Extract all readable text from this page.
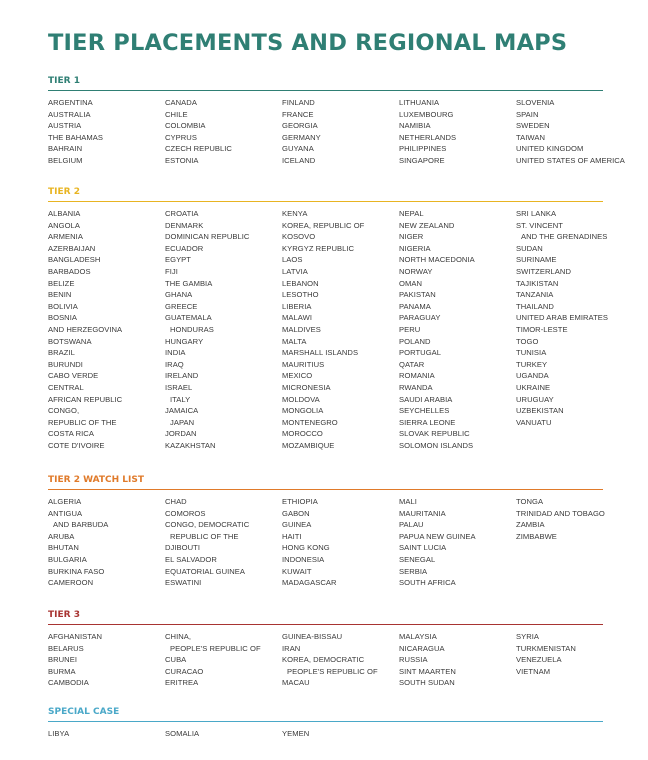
TIER PLACEMENTS AND REGIONAL MAPS
TIER 1
ARGENTINA
AUSTRALIA
AUSTRIA
THE BAHAMAS
BAHRAIN
BELGIUM
CANADA
CHILE
COLOMBIA
CYPRUS
CZECH REPUBLIC
ESTONIA
FINLAND
FRANCE
GEORGIA
GERMANY
GUYANA
ICELAND
LITHUANIA
LUXEMBOURG
NAMIBIA
NETHERLANDS
PHILIPPINES
SINGAPORE
SLOVENIA
SPAIN
SWEDEN
TAIWAN
UNITED KINGDOM
UNITED STATES OF AMERICA
TIER 2
ALBANIA
ANGOLA
ARMENIA
AZERBAIJAN
BANGLADESH
BARBADOS
BELIZE
BENIN
BOLIVIA
BOSNIA
AND HERZEGOVINA
BOTSWANA
BRAZIL
BURUNDI
CABO VERDE
CENTRAL
AFRICAN REPUBLIC
CONGO,
REPUBLIC OF THE
COSTA RICA
COTE D'IVOIRE
CROATIA
DENMARK
DOMINICAN REPUBLIC
ECUADOR
EGYPT
FIJI
THE GAMBIA
GHANA
GREECE
GUATEMALA
HONDURAS
HUNGARY
INDIA
IRAQ
IRELAND
ISRAEL
ITALY
JAMAICA
JAPAN
JORDAN
KAZAKHSTAN
KENYA
KOREA, REPUBLIC OF
KOSOVO
KYRGYZ REPUBLIC
LAOS
LATVIA
LEBANON
LESOTHO
LIBERIA
MALAWI
MALDIVES
MALTA
MARSHALL ISLANDS
MAURITIUS
MEXICO
MICRONESIA
MOLDOVA
MONGOLIA
MONTENEGRO
MOROCCO
MOZAMBIQUE
NEPAL
NEW ZEALAND
NIGER
NIGERIA
NORTH MACEDONIA
NORWAY
OMAN
PAKISTAN
PANAMA
PARAGUAY
PERU
POLAND
PORTUGAL
QATAR
ROMANIA
RWANDA
SAUDI ARABIA
SEYCHELLES
SIERRA LEONE
SLOVAK REPUBLIC
SOLOMON ISLANDS
SRI LANKA
ST. VINCENT
AND THE GRENADINES
SUDAN
SURINAME
SWITZERLAND
TAJIKISTAN
TANZANIA
THAILAND
UNITED ARAB EMIRATES
TIMOR-LESTE
TOGO
TUNISIA
TURKEY
UGANDA
UKRAINE
URUGUAY
UZBEKISTAN
VANUATU
TIER 2 WATCH LIST
ALGERIA
ANTIGUA
AND BARBUDA
ARUBA
BHUTAN
BULGARIA
BURKINA FASO
CAMEROON
CHAD
COMOROS
CONGO, DEMOCRATIC
REPUBLIC OF THE
DJIBOUTI
EL SALVADOR
EQUATORIAL GUINEA
ESWATINI
ETHIOPIA
GABON
GUINEA
HAITI
HONG KONG
INDONESIA
KUWAIT
MADAGASCAR
MALI
MAURITANIA
PALAU
PAPUA NEW GUINEA
SAINT LUCIA
SENEGAL
SERBIA
SOUTH AFRICA
TONGA
TRINIDAD AND TOBAGO
ZAMBIA
ZIMBABWE
TIER 3
AFGHANISTAN
BELARUS
BRUNEI
BURMA
CAMBODIA
CHINA,
PEOPLE'S REPUBLIC OF
CUBA
CURACAO
ERITREA
GUINEA-BISSAU
IRAN
KOREA, DEMOCRATIC
PEOPLE'S REPUBLIC OF
MACAU
MALAYSIA
NICARAGUA
RUSSIA
SINT MAARTEN
SOUTH SUDAN
SYRIA
TURKMENISTAN
VENEZUELA
VIETNAM
SPECIAL CASE
LIBYA	SOMALIA	YEMEN
